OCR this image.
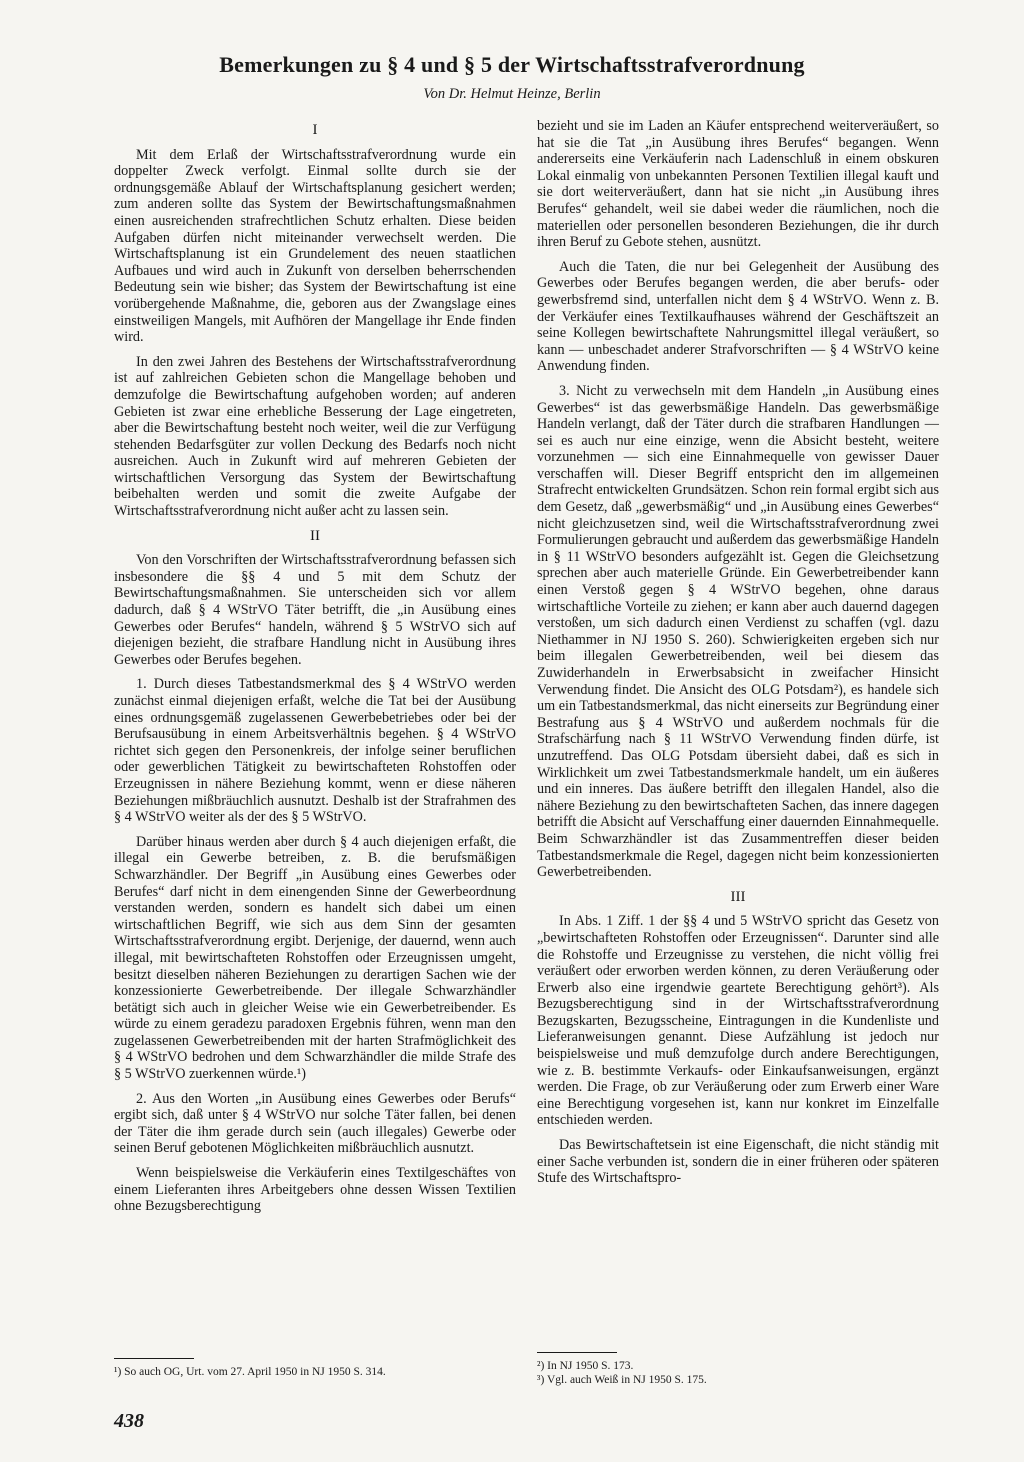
Bemerkungen zu § 4 und § 5 der Wirtschaftsstrafverordnung
Von Dr. Helmut Heinze, Berlin
I

Mit dem Erlaß der Wirtschaftsstrafverordnung wurde ein doppelter Zweck verfolgt. Einmal sollte durch sie der ordnungsgemäße Ablauf der Wirtschaftsplanung gesichert werden; zum anderen sollte das System der Bewirtschaftungsmaßnahmen einen ausreichenden strafrechtlichen Schutz erhalten. Diese beiden Aufgaben dürfen nicht miteinander verwechselt werden. Die Wirtschaftsplanung ist ein Grundelement des neuen staatlichen Aufbaues und wird auch in Zukunft von derselben beherrschenden Bedeutung sein wie bisher; das System der Bewirtschaftung ist eine vorübergehende Maßnahme, die, geboren aus der Zwangslage eines einstweiligen Mangels, mit Aufhören der Mangellage ihr Ende finden wird.

In den zwei Jahren des Bestehens der Wirtschaftsstrafverordnung ist auf zahlreichen Gebieten schon die Mangellage behoben und demzufolge die Bewirtschaftung aufgehoben worden; auf anderen Gebieten ist zwar eine erhebliche Besserung der Lage eingetreten, aber die Bewirtschaftung besteht noch weiter, weil die zur Verfügung stehenden Bedarfsgüter zur vollen Deckung des Bedarfs noch nicht ausreichen. Auch in Zukunft wird auf mehreren Gebieten der wirtschaftlichen Versorgung das System der Bewirtschaftung beibehalten werden und somit die zweite Aufgabe der Wirtschaftsstrafverordnung nicht außer acht zu lassen sein.

II

Von den Vorschriften der Wirtschaftsstrafverordnung befassen sich insbesondere die §§ 4 und 5 mit dem Schutz der Bewirtschaftungsmaßnahmen. Sie unterscheiden sich vor allem dadurch, daß § 4 WStrVO Täter betrifft, die „in Ausübung eines Gewerbes oder Berufes“ handeln, während § 5 WStrVO sich auf diejenigen bezieht, die strafbare Handlung nicht in Ausübung ihres Gewerbes oder Berufes begehen.

1. Durch dieses Tatbestandsmerkmal des § 4 WStrVO werden zunächst einmal diejenigen erfaßt, welche die Tat bei der Ausübung eines ordnungsgemäß zugelassenen Gewerbebetriebes oder bei der Berufsausübung in einem Arbeitsverhältnis begehen. § 4 WStrVO richtet sich gegen den Personenkreis, der infolge seiner beruflichen oder gewerblichen Tätigkeit zu bewirtschafteten Rohstoffen oder Erzeugnissen in nähere Beziehung kommt, wenn er diese näheren Beziehungen mißbräuchlich ausnutzt. Deshalb ist der Strafrahmen des § 4 WStrVO weiter als der des § 5 WStrVO.

Darüber hinaus werden aber durch § 4 auch diejenigen erfaßt, die illegal ein Gewerbe betreiben, z. B. die berufsmäßigen Schwarzhändler. Der Begriff „in Ausübung eines Gewerbes oder Berufes“ darf nicht in dem einengenden Sinne der Gewerbeordnung verstanden werden, sondern es handelt sich dabei um einen wirtschaftlichen Begriff, wie sich aus dem Sinn der gesamten Wirtschaftsstrafverordnung ergibt. Derjenige, der dauernd, wenn auch illegal, mit bewirtschafteten Rohstoffen oder Erzeugnissen umgeht, besitzt dieselben näheren Beziehungen zu derartigen Sachen wie der konzessionierte Gewerbetreibende. Der illegale Schwarzhändler betätigt sich auch in gleicher Weise wie ein Gewerbetreibender. Es würde zu einem geradezu paradoxen Ergebnis führen, wenn man den zugelassenen Gewerbetreibenden mit der harten Strafmöglichkeit des § 4 WStrVO bedrohen und dem Schwarzhändler die milde Strafe des § 5 WStrVO zuerkennen würde.¹)

2. Aus den Worten „in Ausübung eines Gewerbes oder Berufs“ ergibt sich, daß unter § 4 WStrVO nur solche Täter fallen, bei denen der Täter die ihm gerade durch sein (auch illegales) Gewerbe oder seinen Beruf gebotenen Möglichkeiten mißbräuchlich ausnutzt.

Wenn beispielsweise die Verkäuferin eines Textilgeschäftes von einem Lieferanten ihres Arbeitgebers ohne dessen Wissen Textilien ohne Bezugsberechtigung

bezieht und sie im Laden an Käufer entsprechend weiterveräußert, so hat sie die Tat „in Ausübung ihres Berufes“ begangen. Wenn andererseits eine Verkäuferin nach Ladenschluß in einem obskuren Lokal einmalig von unbekannten Personen Textilien illegal kauft und sie dort weiterveräußert, dann hat sie nicht „in Ausübung ihres Berufes“ gehandelt, weil sie dabei weder die räumlichen, noch die materiellen oder personellen besonderen Beziehungen, die ihr durch ihren Beruf zu Gebote stehen, ausnützt.

Auch die Taten, die nur bei Gelegenheit der Ausübung des Gewerbes oder Berufes begangen werden, die aber berufs- oder gewerbsfremd sind, unterfallen nicht dem § 4 WStrVO. Wenn z. B. der Verkäufer eines Textilkaufhauses während der Geschäftszeit an seine Kollegen bewirtschaftete Nahrungsmittel illegal veräußert, so kann — unbeschadet anderer Strafvorschriften — § 4 WStrVO keine Anwendung finden.

3. Nicht zu verwechseln mit dem Handeln „in Ausübung eines Gewerbes“ ist das gewerbsmäßige Handeln. Das gewerbsmäßige Handeln verlangt, daß der Täter durch die strafbaren Handlungen — sei es auch nur eine einzige, wenn die Absicht besteht, weitere vorzunehmen — sich eine Einnahmequelle von gewisser Dauer verschaffen will. Dieser Begriff entspricht den im allgemeinen Strafrecht entwickelten Grundsätzen. Schon rein formal ergibt sich aus dem Gesetz, daß „gewerbsmäßig“ und „in Ausübung eines Gewerbes“ nicht gleichzusetzen sind, weil die Wirtschaftsstrafverordnung zwei Formulierungen gebraucht und außerdem das gewerbsmäßige Handeln in § 11 WStrVO besonders aufgezählt ist. Gegen die Gleichsetzung sprechen aber auch materielle Gründe. Ein Gewerbetreibender kann einen Verstoß gegen § 4 WStrVO begehen, ohne daraus wirtschaftliche Vorteile zu ziehen; er kann aber auch dauernd dagegen verstoßen, um sich dadurch einen Verdienst zu schaffen (vgl. dazu Niethammer in NJ 1950 S. 260). Schwierigkeiten ergeben sich nur beim illegalen Gewerbetreibenden, weil bei diesem das Zuwiderhandeln in Erwerbsabsicht in zweifacher Hinsicht Verwendung findet. Die Ansicht des OLG Potsdam²), es handele sich um ein Tatbestandsmerkmal, das nicht einerseits zur Begründung einer Bestrafung aus § 4 WStrVO und außerdem nochmals für die Strafschärfung nach § 11 WStrVO Verwendung finden dürfe, ist unzutreffend. Das OLG Potsdam übersieht dabei, daß es sich in Wirklichkeit um zwei Tatbestandsmerkmale handelt, um ein äußeres und ein inneres. Das äußere betrifft den illegalen Handel, also die nähere Beziehung zu den bewirtschafteten Sachen, das innere dagegen betrifft die Absicht auf Verschaffung einer dauernden Einnahmequelle. Beim Schwarzhändler ist das Zusammentreffen dieser beiden Tatbestandsmerkmale die Regel, dagegen nicht beim konzessionierten Gewerbetreibenden.

III

In Abs. 1 Ziff. 1 der §§ 4 und 5 WStrVO spricht das Gesetz von „bewirtschafteten Rohstoffen oder Erzeugnissen“. Darunter sind alle die Rohstoffe und Erzeugnisse zu verstehen, die nicht völlig frei veräußert oder erworben werden können, zu deren Veräußerung oder Erwerb also eine irgendwie geartete Berechtigung gehört³). Als Bezugsberechtigung sind in der Wirtschaftsstrafverordnung Bezugskarten, Bezugsscheine, Eintragungen in die Kundenliste und Lieferanweisungen genannt. Diese Aufzählung ist jedoch nur beispielsweise und muß demzufolge durch andere Berechtigungen, wie z. B. bestimmte Verkaufs- oder Einkaufsanweisungen, ergänzt werden. Die Frage, ob zur Veräußerung oder zum Erwerb einer Ware eine Berechtigung vorgesehen ist, kann nur konkret im Einzelfalle entschieden werden.

Das Bewirtschaftetsein ist eine Eigenschaft, die nicht ständig mit einer Sache verbunden ist, sondern die in einer früheren oder späteren Stufe des Wirtschaftspro-

¹) So auch OG, Urt. vom 27. April 1950 in NJ 1950 S. 314.	²) In NJ 1950 S. 173.
³) Vgl. auch Weiß in NJ 1950 S. 175.
438
